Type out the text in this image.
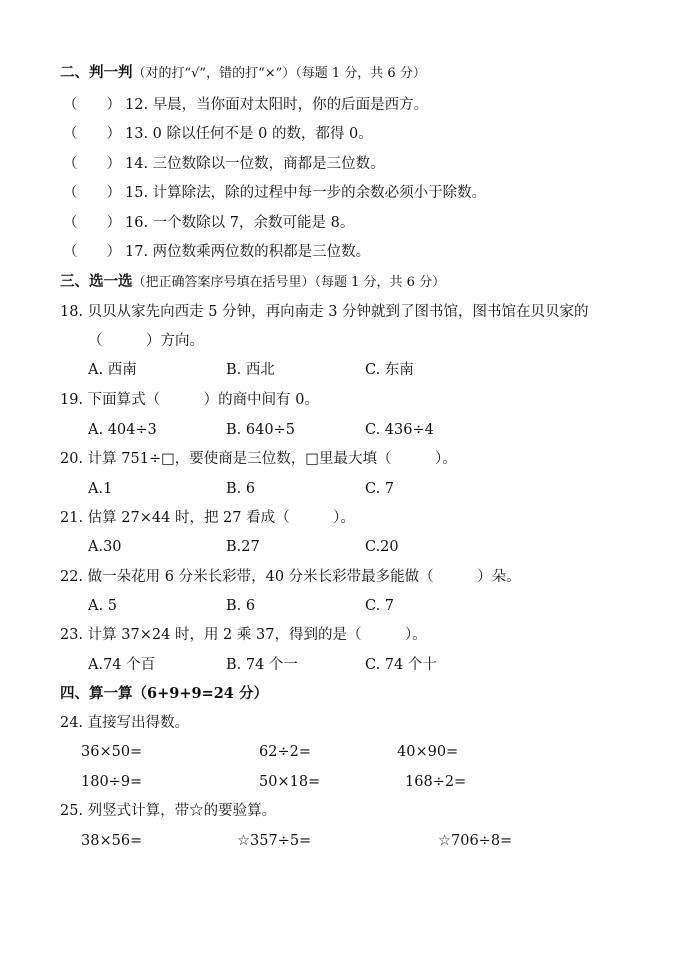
二、判一判（对的打“√”，错的打“×”）（每题 1 分，共 6 分）
（　　） 12. 早晨，当你面对太阳时，你的后面是西方。
（　　） 13. 0 除以任何不是 0 的数，都得 0。
（　　） 14. 三位数除以一位数，商都是三位数。
（　　） 15. 计算除法，除的过程中每一步的余数必须小于除数。
（　　） 16. 一个数除以 7，余数可能是 8。
（　　） 17. 两位数乘两位数的积都是三位数。
三、选一选（把正确答案序号填在括号里）（每题 1 分，共 6 分）
18. 贝贝从家先向西走 5 分钟，再向南走 3 分钟就到了图书馆，图书馆在贝贝家的
（　　　）方向。
A. 西南	B. 西北	C. 东南
19. 下面算式（　　　）的商中间有 0。
A. 404÷3	B. 640÷5	C. 436÷4
20. 计算 751÷□，要使商是三位数，□里最大填（　　　）。
A.1	B. 6	C. 7
21. 估算 27×44 时，把 27 看成（　　　）。
A.30	B.27	C.20
22. 做一朵花用 6 分米长彩带，40 分米长彩带最多能做（　　　）朵。
A. 5	B. 6	C. 7
23. 计算 37×24 时，用 2 乘 37，得到的是（　　　）。
A.74 个百	B. 74 个一	C. 74 个十
四、算一算（6+9+9=24 分）
24. 直接写出得数。
36×50=	62÷2=	40×90=
180÷9=	50×18=	168÷2=
25. 列竖式计算，带☆的要验算。
38×56=	☆357÷5=	☆706÷8=
